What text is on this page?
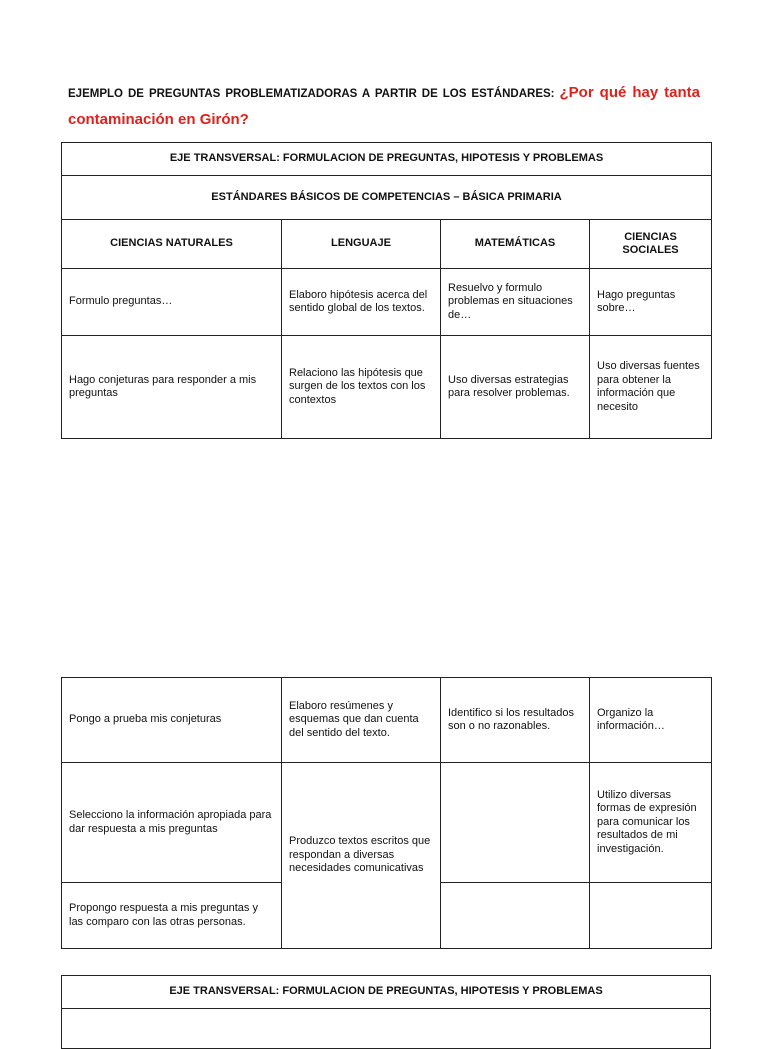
EJEMPLO DE PREGUNTAS PROBLEMATIZADORAS A PARTIR DE LOS ESTÁNDARES: ¿Por qué hay tanta contaminación en Girón?
EJE TRANSVERSAL: FORMULACION DE PREGUNTAS, HIPOTESIS Y PROBLEMAS			
ESTÁNDARES BÁSICOS DE COMPETENCIAS – BÁSICA PRIMARIA			
CIENCIAS NATURALES	LENGUAJE	MATEMÁTICAS	CIENCIAS SOCIALES
Formulo preguntas…	Elaboro hipótesis acerca del sentido global de los textos.	Resuelvo y formulo problemas en situaciones de…	Hago preguntas sobre…
Hago conjeturas para responder a mis preguntas	Relaciono las hipótesis que surgen de los textos con los contextos	Uso diversas estrategias para resolver problemas.	Uso diversas fuentes para obtener la información que necesito
Pongo a prueba mis conjeturas	Elaboro resúmenes y esquemas que dan cuenta del sentido del texto.	Identifico si los resultados son o no razonables.	Organizo la información…
Selecciono la información apropiada para dar respuesta a mis preguntas	Produzco textos escritos que respondan a diversas necesidades comunicativas		Utilizo diversas formas de expresión para comunicar los resultados de mi investigación.
Propongo respuesta a mis preguntas y las comparo con las otras personas.			
EJE TRANSVERSAL: FORMULACION DE PREGUNTAS, HIPOTESIS Y PROBLEMAS
